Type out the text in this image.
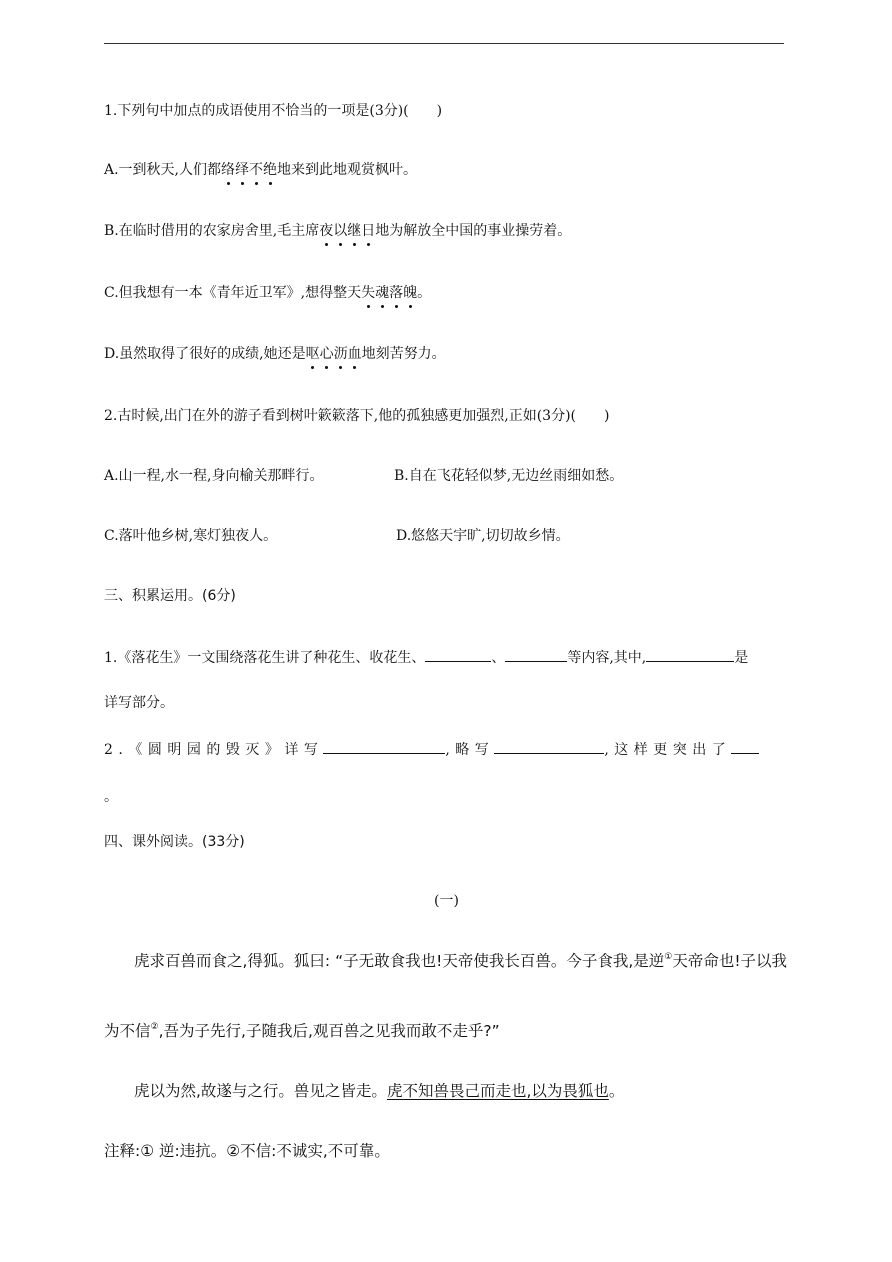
1.下列句中加点的成语使用不恰当的一项是(3分)(　　)
A.一到秋天,人们都络绎不绝地来到此地观赏枫叶。
B.在临时借用的农家房舍里,毛主席夜以继日地为解放全中国的事业操劳着。
C.但我想有一本《青年近卫军》,想得整天失魂落魄。
D.虽然取得了很好的成绩,她还是呕心沥血地刻苦努力。
2.古时候,出门在外的游子看到树叶簌簌落下,他的孤独感更加强烈,正如(3分)(　　)
A.山一程,水一程,身向榆关那畔行。	B.自在飞花轻似梦,无边丝雨细如愁。
C.落叶他乡树,寒灯独夜人。	D.悠悠天宇旷,切切故乡情。
三、积累运用。(6分)
1.《落花生》一文围绕落花生讲了种花生、收花生、	、	等内容,其中,	是
详写部分。
2.《圆明园的毁灭》详写	,略写	,这样更突出了
。
四、课外阅读。(33分)
(一)
虎求百兽而食之,得狐。狐曰: “子无敢食我也!天帝使我长百兽。今子食我,是逆①天帝命也!子以我
为不信②,吾为子先行,子随我后,观百兽之见我而敢不走乎?”
虎以为然,故遂与之行。兽见之皆走。虎不知兽畏己而走也,以为畏狐也。
注释:① 逆:违抗。②不信:不诚实,不可靠。
